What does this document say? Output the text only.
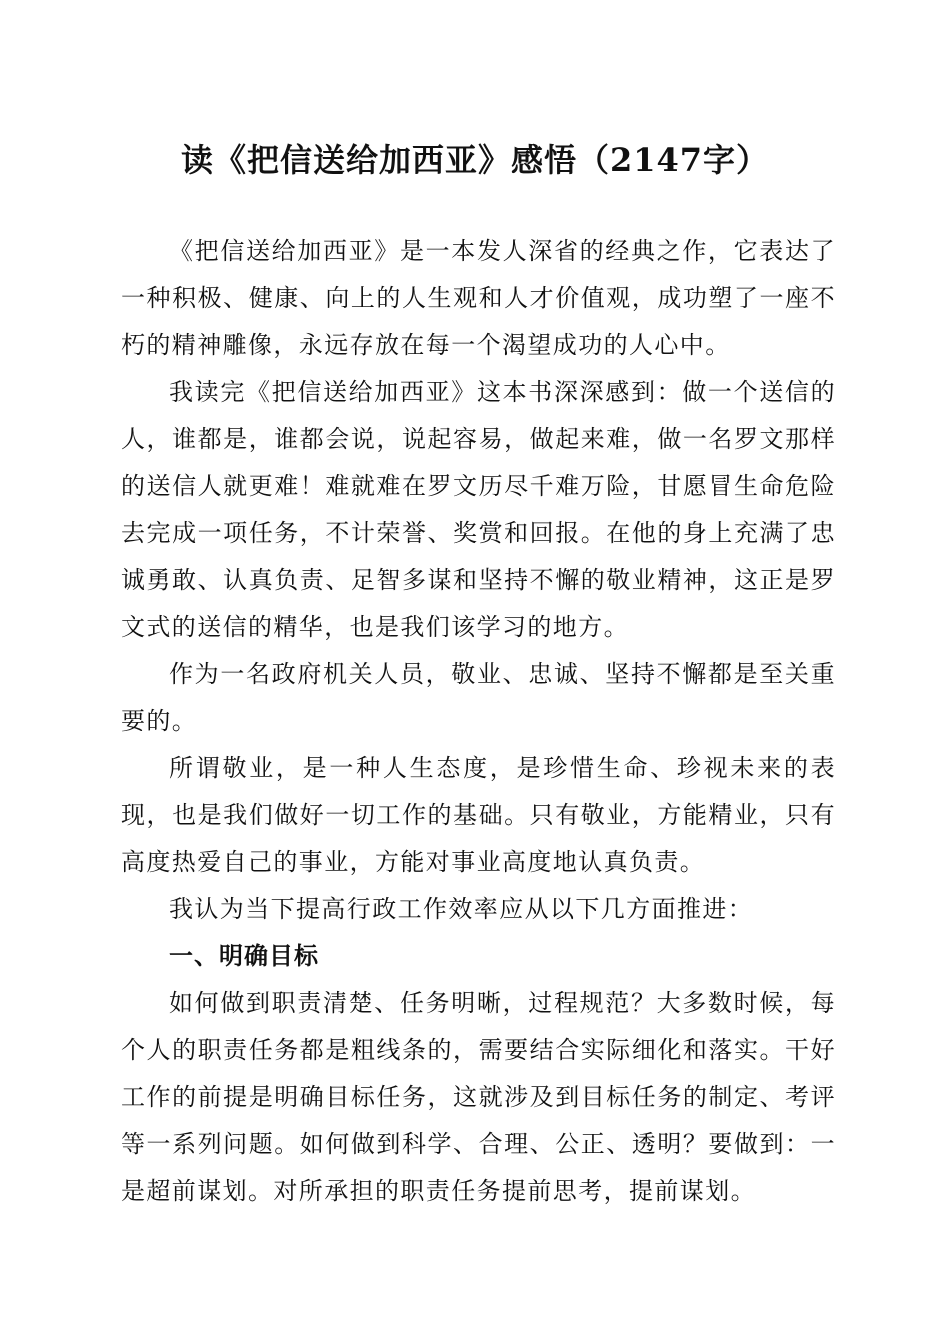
读《把信送给加西亚》感悟（2147字）

《把信送给加西亚》是一本发人深省的经典之作，它表达了一种积极、健康、向上的人生观和人才价值观，成功塑了一座不朽的精神雕像，永远存放在每一个渴望成功的人心中。

我读完《把信送给加西亚》这本书深深感到：做一个送信的人，谁都是，谁都会说，说起容易，做起来难，做一名罗文那样的送信人就更难！难就难在罗文历尽千难万险，甘愿冒生命危险去完成一项任务，不计荣誉、奖赏和回报。在他的身上充满了忠诚勇敢、认真负责、足智多谋和坚持不懈的敬业精神，这正是罗文式的送信的精华，也是我们该学习的地方。

作为一名政府机关人员，敬业、忠诚、坚持不懈都是至关重要的。

所谓敬业，是一种人生态度，是珍惜生命、珍视未来的表现，也是我们做好一切工作的基础。只有敬业，方能精业，只有高度热爱自己的事业，方能对事业高度地认真负责。

我认为当下提高行政工作效率应从以下几方面推进：

一、明确目标

如何做到职责清楚、任务明晰，过程规范？大多数时候，每个人的职责任务都是粗线条的，需要结合实际细化和落实。干好工作的前提是明确目标任务，这就涉及到目标任务的制定、考评等一系列问题。如何做到科学、合理、公正、透明？要做到：一是超前谋划。对所承担的职责任务提前思考，提前谋划。
